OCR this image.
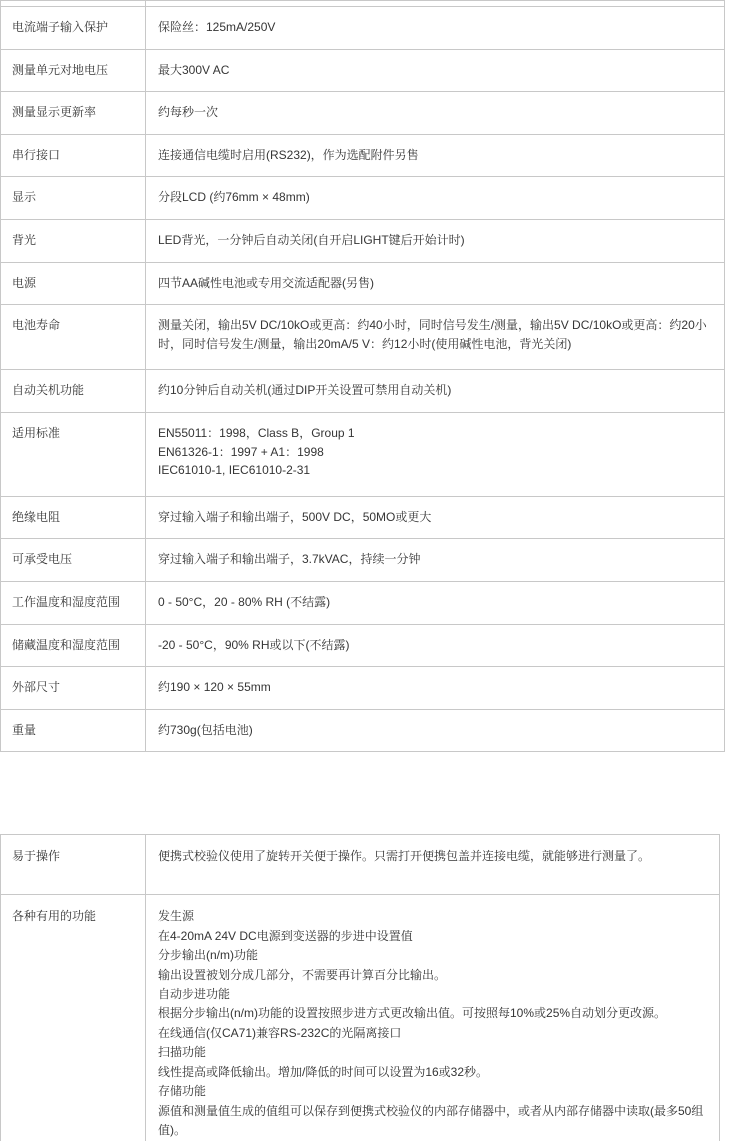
电流端子输入保护	保险丝：125mA/250V

测量单元对地电压	最大300V AC

测量显示更新率	约每秒一次

串行接口	连接通信电缆时启用(RS232)，作为选配附件另售

显示	分段LCD (约76mm × 48mm)

背光	LED背光，一分钟后自动关闭(自开启LIGHT键后开始计时)

电源	四节AA碱性电池或专用交流适配器(另售)

电池寿命	测量关闭，输出5V DC/10kO或更高：约40小时，同时信号发生/测量，输出5V DC/10kO或更高：约20小时，同时信号发生/测量，输出20mA/5 V：约12小时(使用碱性电池，背光关闭)

自动关机功能	约10分钟后自动关机(通过DIP开关设置可禁用自动关机)

适用标准	EN55011：1998，Class B，Group 1
EN61326-1：1997 + A1：1998
IEC61010-1, IEC61010-2-31

绝缘电阻	穿过输入端子和输出端子，500V DC，50MO或更大

可承受电压	穿过输入端子和输出端子，3.7kVAC，持续一分钟

工作温度和湿度范围	0 - 50°C，20 - 80% RH (不结露)

储藏温度和湿度范围	-20 - 50°C，90% RH或以下(不结露)

外部尺寸	约190 × 120 × 55mm

重量	约730g(包括电池)
易于操作	便携式校验仪使用了旋转开关便于操作。只需打开便携包盖并连接电缆，就能够进行测量了。

各种有用的功能	发生源
在4-20mA 24V DC电源到变送器的步进中设置值
分步输出(n/m)功能
输出设置被划分成几部分，不需要再计算百分比输出。
自动步进功能
根据分步输出(n/m)功能的设置按照步进方式更改输出值。可按照每10%或25%自动划分更改源。
在线通信(仅CA71)兼容RS-232C的光隔离接口
扫描功能
线性提高或降低输出。增加/降低的时间可以设置为16或32秒。
存储功能
源值和测量值生成的值组可以保存到便携式校验仪的内部存储器中，或者从内部存储器中读取(最多50组值)。
